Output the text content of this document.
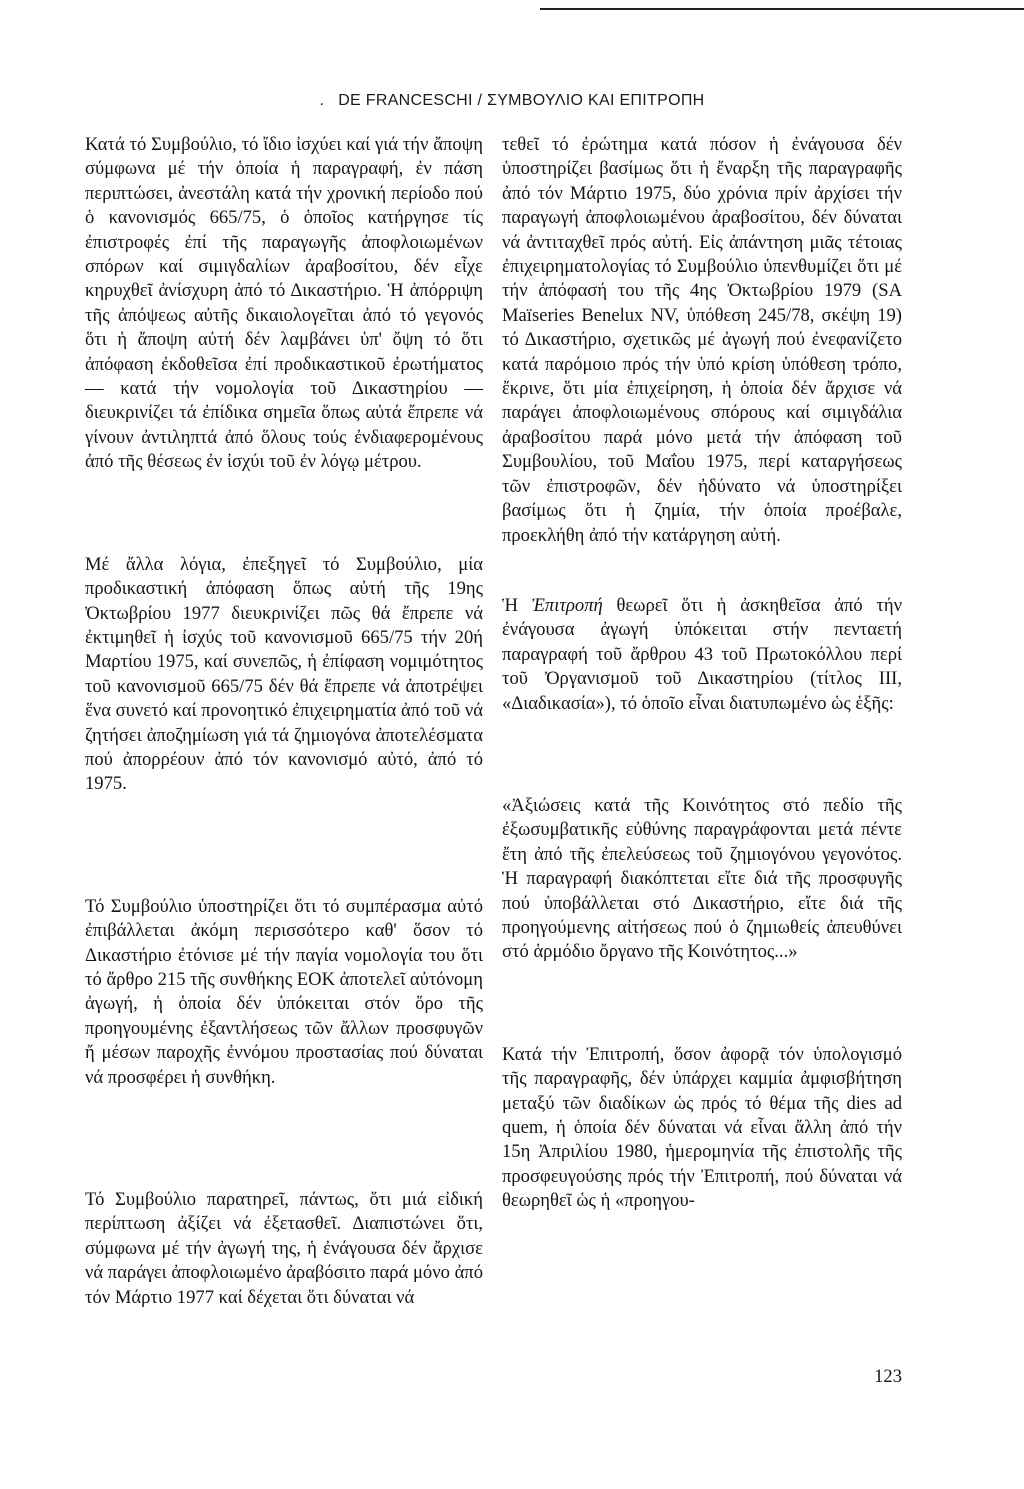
. DE FRANCESCHI / ΣΥΜΒΟΥΛΙΟ ΚΑΙ ΕΠΙΤΡΟΠΗ

Κατά τό Συμβούλιο, τό ἴδιο ἰσχύει καί γιά τήν ἄποψη σύμφωνα μέ τήν ὁποία ἡ παραγραφή, ἐν πάση περιπτώσει, ἀνεστάλη κατά τήν χρονική περίοδο πού ὁ κανονισμός 665/75, ὁ ὁποῖος κατήργησε τίς ἐπιστροφές ἐπί τῆς παραγωγῆς ἀποφλοιωμένων σπόρων καί σιμιγδαλίων ἀραβοσίτου, δέν εἶχε κηρυχθεῖ ἀνίσχυρη ἀπό τό Δικαστήριο. Ἡ ἀπόρριψη τῆς ἀπόψεως αὐτῆς δικαιολογεῖται ἀπό τό γεγονός ὅτι ἡ ἄποψη αὐτή δέν λαμβάνει ὑπ' ὄψη τό ὅτι ἀπόφαση ἐκδοθεῖσα ἐπί προδικαστικοῦ ἐρωτήματος — κατά τήν νομολογία τοῦ Δικαστηρίου — διευκρινίζει τά ἐπίδικα σημεῖα ὅπως αὐτά ἔπρεπε νά γίνουν ἀντιληπτά ἀπό ὅλους τούς ἐνδιαφερομένους ἀπό τῆς θέσεως ἐν ἰσχύι τοῦ ἐν λόγῳ μέτρου.

Μέ ἄλλα λόγια, ἐπεξηγεῖ τό Συμβούλιο, μία προδικαστική ἀπόφαση ὅπως αὐτή τῆς 19ης Ὀκτωβρίου 1977 διευκρινίζει πῶς θά ἔπρεπε νά ἐκτιμηθεῖ ἡ ἰσχύς τοῦ κανονισμοῦ 665/75 τήν 20ή Μαρτίου 1975, καί συνεπῶς, ἡ ἐπίφαση νομιμότητος τοῦ κανονισμοῦ 665/75 δέν θά ἔπρεπε νά ἀποτρέψει ἕνα συνετό καί προνοητικό ἐπιχειρηματία ἀπό τοῦ νά ζητήσει ἀποζημίωση γιά τά ζημιογόνα ἀποτελέσματα πού ἀπορρέουν ἀπό τόν κανονισμό αὐτό, ἀπό τό 1975.

Τό Συμβούλιο ὑποστηρίζει ὅτι τό συμπέρασμα αὐτό ἐπιβάλλεται ἀκόμη περισσότερο καθ' ὅσον τό Δικαστήριο ἐτόνισε μέ τήν παγία νομολογία του ὅτι τό ἄρθρο 215 τῆς συνθήκης ΕΟΚ ἀποτελεῖ αὐτόνομη ἀγωγή, ἡ ὁποία δέν ὑπόκειται στόν ὅρο τῆς προηγουμένης ἐξαντλήσεως τῶν ἄλλων προσφυγῶν ἤ μέσων παροχῆς ἐννόμου προστασίας πού δύναται νά προσφέρει ἡ συνθήκη.

Τό Συμβούλιο παρατηρεῖ, πάντως, ὅτι μιά εἰδική περίπτωση ἀξίζει νά ἐξετασθεῖ. Διαπιστώνει ὅτι, σύμφωνα μέ τήν ἀγωγή της, ἡ ἐνάγουσα δέν ἄρχισε νά παράγει ἀποφλοιωμένο ἀραβόσιτο παρά μόνο ἀπό τόν Μάρτιο 1977 καί δέχεται ὅτι δύναται νά

τεθεῖ τό ἐρώτημα κατά πόσον ἡ ἐνάγουσα δέν ὑποστηρίζει βασίμως ὅτι ἡ ἔναρξη τῆς παραγραφῆς ἀπό τόν Μάρτιο 1975, δύο χρόνια πρίν ἀρχίσει τήν παραγωγή ἀποφλοιωμένου ἀραβοσίτου, δέν δύναται νά ἀντιταχθεῖ πρός αὐτή. Εἰς ἀπάντηση μιᾶς τέτοιας ἐπιχειρηματολογίας τό Συμβούλιο ὑπενθυμίζει ὅτι μέ τήν ἀπόφασή του τῆς 4ης Ὀκτωβρίου 1979 (SA Maïseries Benelux NV, ὑπόθεση 245/78, σκέψη 19) τό Δικαστήριο, σχετικῶς μέ ἀγωγή πού ἐνεφανίζετο κατά παρόμοιο πρός τήν ὑπό κρίση ὑπόθεση τρόπο, ἔκρινε, ὅτι μία ἐπιχείρηση, ἡ ὁποία δέν ἄρχισε νά παράγει ἀποφλοιωμένους σπόρους καί σιμιγδάλια ἀραβοσίτου παρά μόνο μετά τήν ἀπόφαση τοῦ Συμβουλίου, τοῦ Μαΐου 1975, περί καταργήσεως τῶν ἐπιστροφῶν, δέν ἠδύνατο νά ὑποστηρίξει βασίμως ὅτι ἡ ζημία, τήν ὁποία προέβαλε, προεκλήθη ἀπό τήν κατάργηση αὐτή.

Ἡ Ἐπιτροπή θεωρεῖ ὅτι ἡ ἀσκηθεῖσα ἀπό τήν ἐνάγουσα ἀγωγή ὑπόκειται στήν πενταετή παραγραφή τοῦ ἄρθρου 43 τοῦ Πρωτοκόλλου περί τοῦ Ὀργανισμοῦ τοῦ Δικαστηρίου (τίτλος III, «Διαδικασία»), τό ὁποῖο εἶναι διατυπωμένο ὡς ἑξῆς:

«Ἀξιώσεις κατά τῆς Κοινότητος στό πεδίο τῆς ἐξωσυμβατικῆς εὐθύνης παραγράφονται μετά πέντε ἔτη ἀπό τῆς ἐπελεύσεως τοῦ ζημιογόνου γεγονότος. Ἡ παραγραφή διακόπτεται εἴτε διά τῆς προσφυγῆς πού ὑποβάλλεται στό Δικαστήριο, εἴτε διά τῆς προηγούμενης αἰτήσεως πού ὁ ζημιωθείς ἀπευθύνει στό ἁρμόδιο ὄργανο τῆς Κοινότητος...»

Κατά τήν Ἐπιτροπή, ὅσον ἀφορᾷ τόν ὑπολογισμό τῆς παραγραφῆς, δέν ὑπάρχει καμμία ἀμφισβήτηση μεταξύ τῶν διαδίκων ὡς πρός τό θέμα τῆς dies ad quem, ἡ ὁποία δέν δύναται νά εἶναι ἄλλη ἀπό τήν 15η Ἀπριλίου 1980, ἡμερομηνία τῆς ἐπιστολῆς τῆς προσφευγούσης πρός τήν Ἐπιτροπή, πού δύναται νά θεωρηθεῖ ὡς ἡ «προηγου-

123
